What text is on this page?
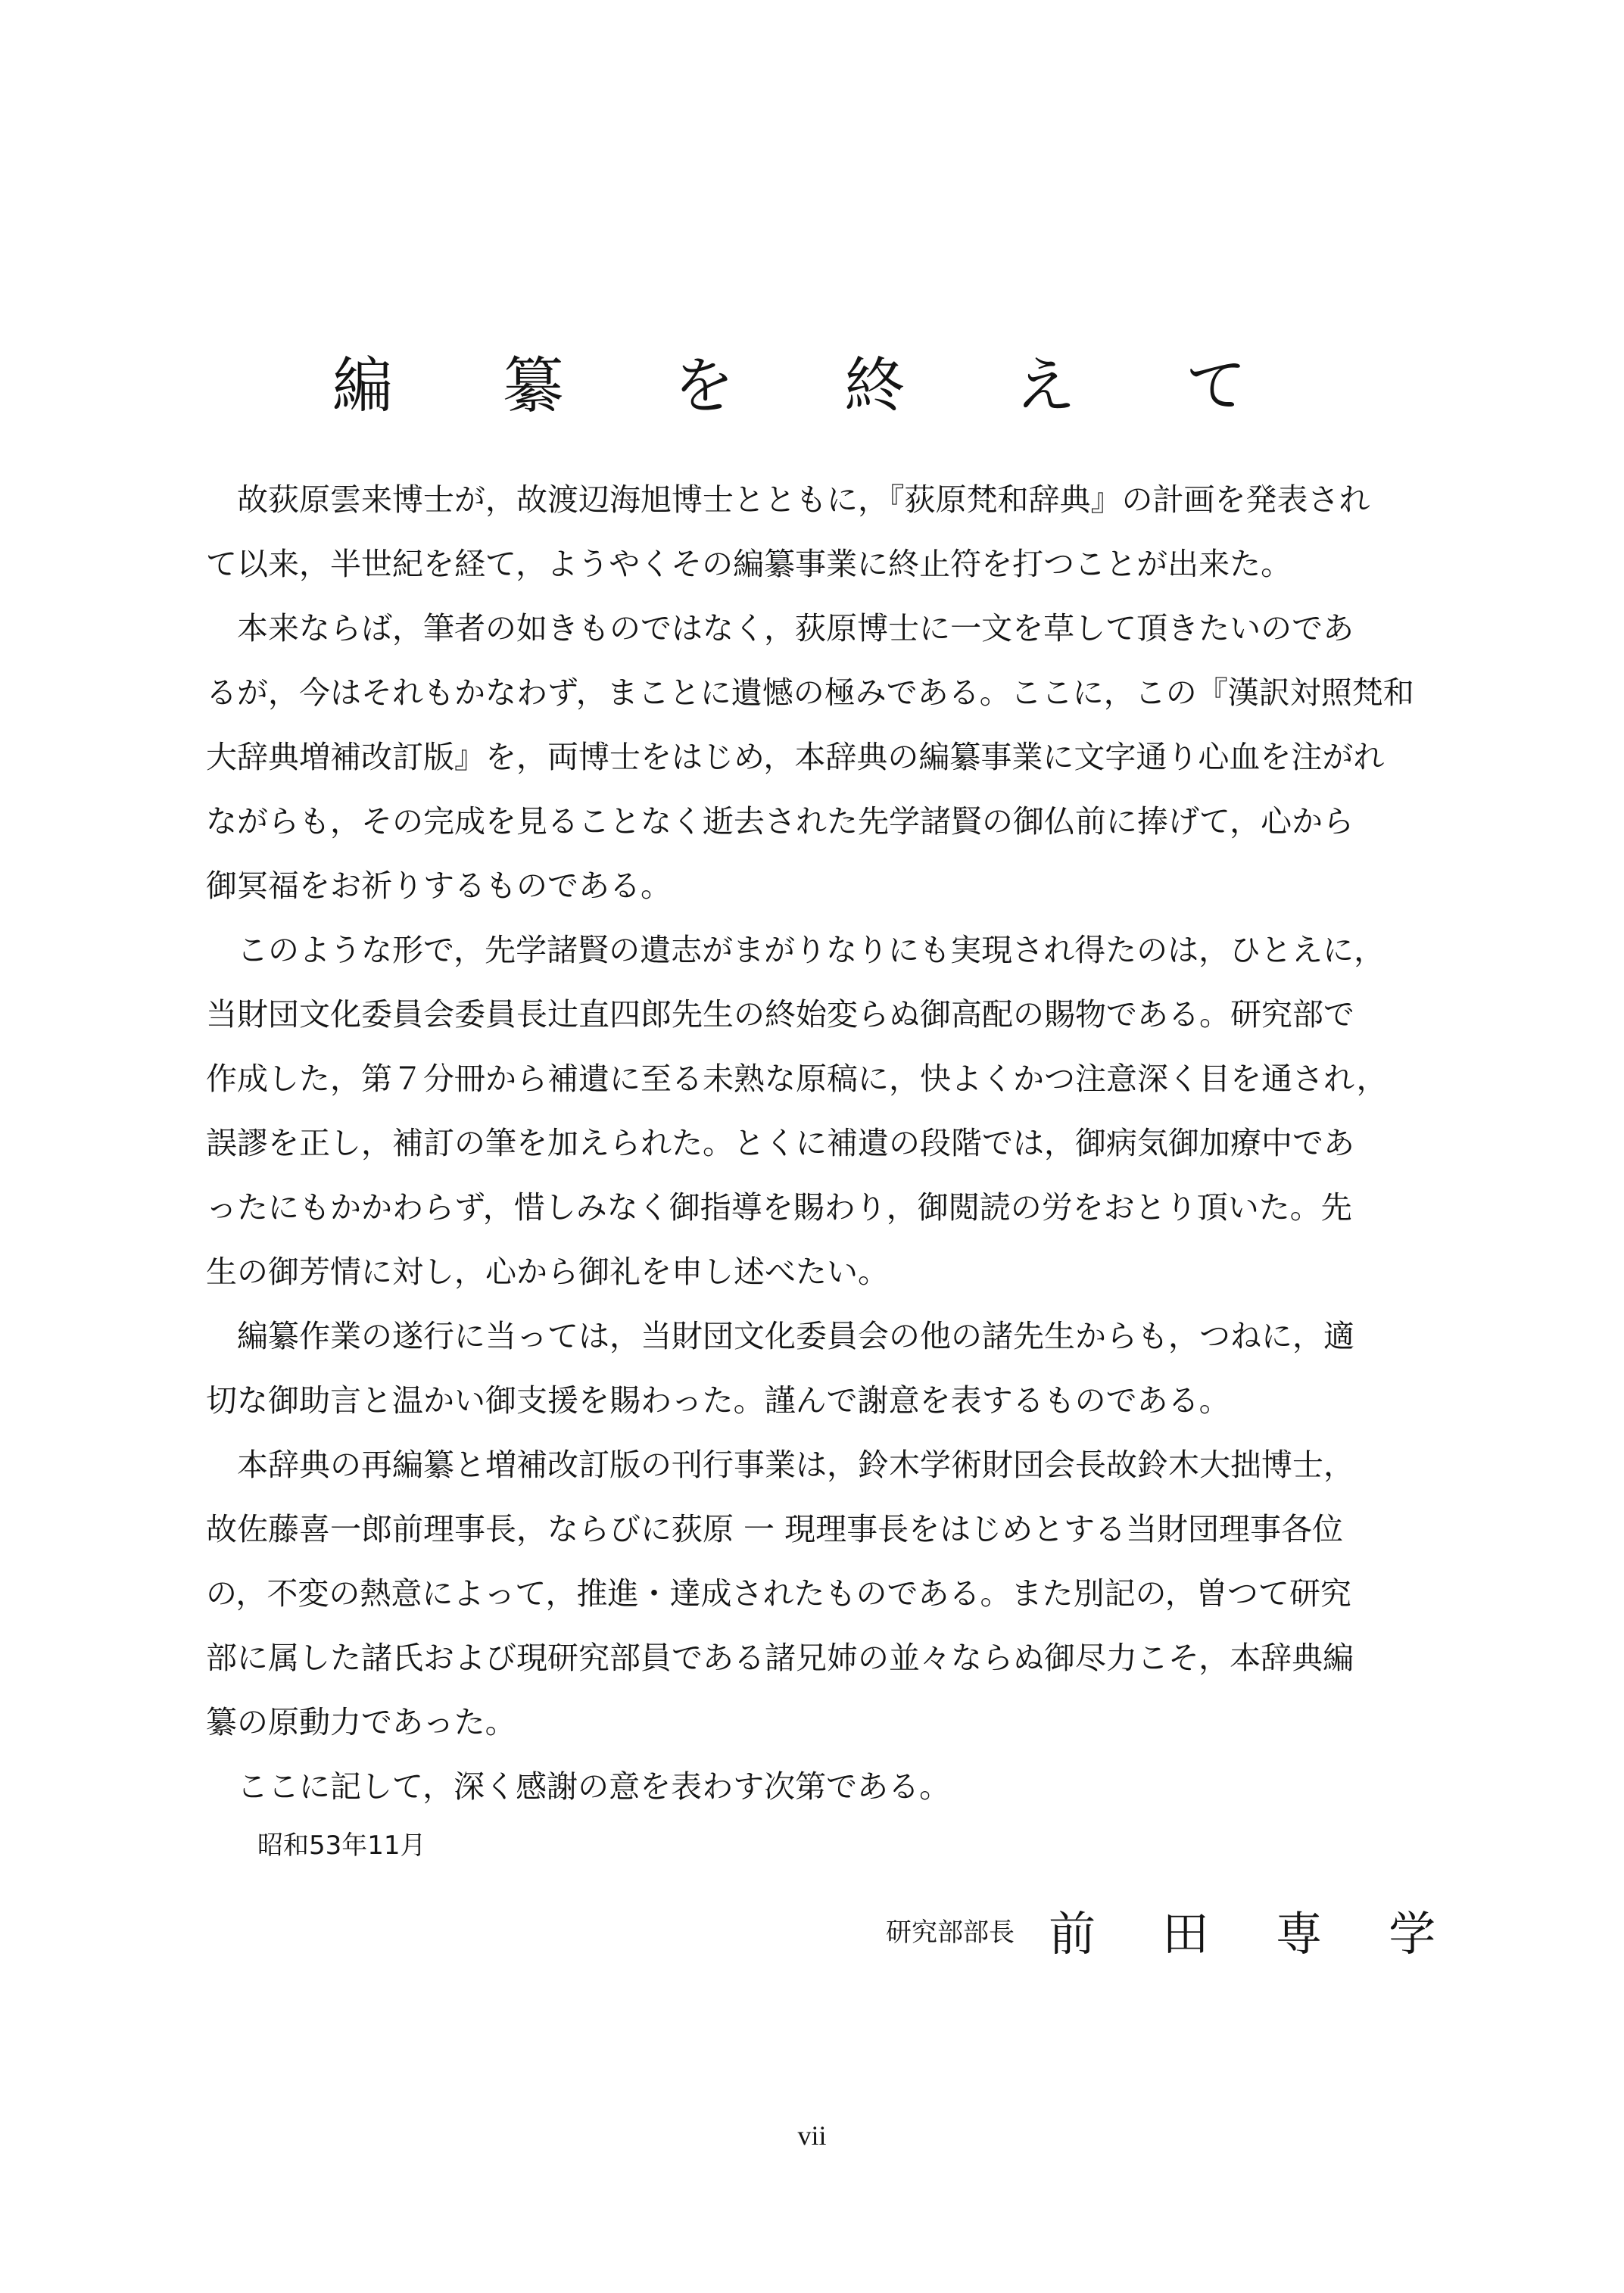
編 纂 を 終 え て
故荻原雲来博士が，故渡辺海旭博士とともに，『荻原梵和辞典』の計画を発表され
て以来，半世紀を経て，ようやくその編纂事業に終止符を打つことが出来た。
本来ならば，筆者の如きものではなく，荻原博士に一文を草して頂きたいのであ
るが，今はそれもかなわず，まことに遺憾の極みである。ここに，この『漢訳対照梵和
大辞典増補改訂版』を，両博士をはじめ，本辞典の編纂事業に文字通り心血を注がれ
ながらも，その完成を見ることなく逝去された先学諸賢の御仏前に捧げて，心から
御冥福をお祈りするものである。
このような形で，先学諸賢の遺志がまがりなりにも実現され得たのは，ひとえに，
当財団文化委員会委員長辻直四郎先生の終始変らぬ御高配の賜物である。研究部で
作成した，第７分冊から補遺に至る未熟な原稿に，快よくかつ注意深く目を通され，
誤謬を正し，補訂の筆を加えられた。とくに補遺の段階では，御病気御加療中であ
ったにもかかわらず，惜しみなく御指導を賜わり，御閲読の労をおとり頂いた。先
生の御芳情に対し，心から御礼を申し述べたい。
編纂作業の遂行に当っては，当財団文化委員会の他の諸先生からも，つねに，適
切な御助言と温かい御支援を賜わった。謹んで謝意を表するものである。
本辞典の再編纂と増補改訂版の刊行事業は，鈴木学術財団会長故鈴木大拙博士，
故佐藤喜一郎前理事長，ならびに荻原 一 現理事長をはじめとする当財団理事各位
の，不変の熱意によって，推進・達成されたものである。また別記の，曽つて研究
部に属した諸氏および現研究部員である諸兄姉の並々ならぬ御尽力こそ，本辞典編
纂の原動力であった。
ここに記して，深く感謝の意を表わす次第である。
昭和53年11月
研究部部長 前 田 専 学
vii
